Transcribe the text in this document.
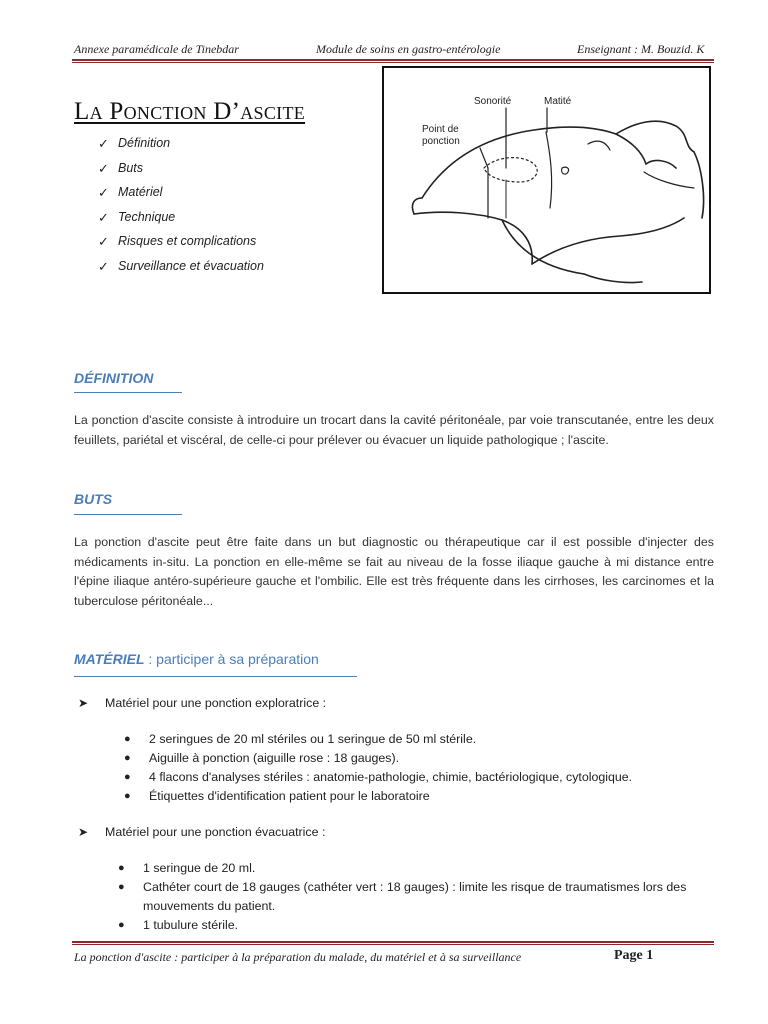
Annexe paramédicale de Tinebdar	Module de soins en gastro-entérologie	Enseignant : M. Bouzid. K
La Ponction D’ascite
✓ Définition
✓ Buts
✓ Matériel
✓ Technique
✓ Risques et complications
✓ Surveillance et évacuation
Sonorité	Matité
Point de
ponction
DÉFINITION
La ponction d'ascite consiste à introduire un trocart dans la cavité péritonéale, par voie transcutanée, entre les deux feuillets, pariétal et viscéral, de celle-ci pour prélever ou évacuer un liquide pathologique ; l'ascite.
BUTS
La ponction d'ascite peut être faite dans un but diagnostic ou thérapeutique car il est possible d'injecter des médicaments in-situ. La ponction en elle-même se fait au niveau de la fosse iliaque gauche à mi distance entre l'épine iliaque antéro-supérieure gauche et l'ombilic. Elle est très fréquente dans les cirrhoses, les carcinomes et la tuberculose péritonéale...
MATÉRIEL : participer à sa préparation
➤	Matériel pour une ponction exploratrice :
●	2 seringues de 20 ml stériles ou 1 seringue de 50 ml stérile.
●	Aiguille à ponction (aiguille rose : 18 gauges).
●	4 flacons d'analyses stériles : anatomie-pathologie, chimie, bactériologique, cytologique.
●	Étiquettes d'identification patient pour le laboratoire
➤	Matériel pour une ponction évacuatrice :
●	1 seringue de 20 ml.
●	Cathéter court de 18 gauges (cathéter vert : 18 gauges) : limite les risque de traumatismes lors des mouvements du patient.
●	1 tubulure stérile.
La ponction d'ascite : participer à la préparation du malade, du matériel et à sa surveillance	Page 1
